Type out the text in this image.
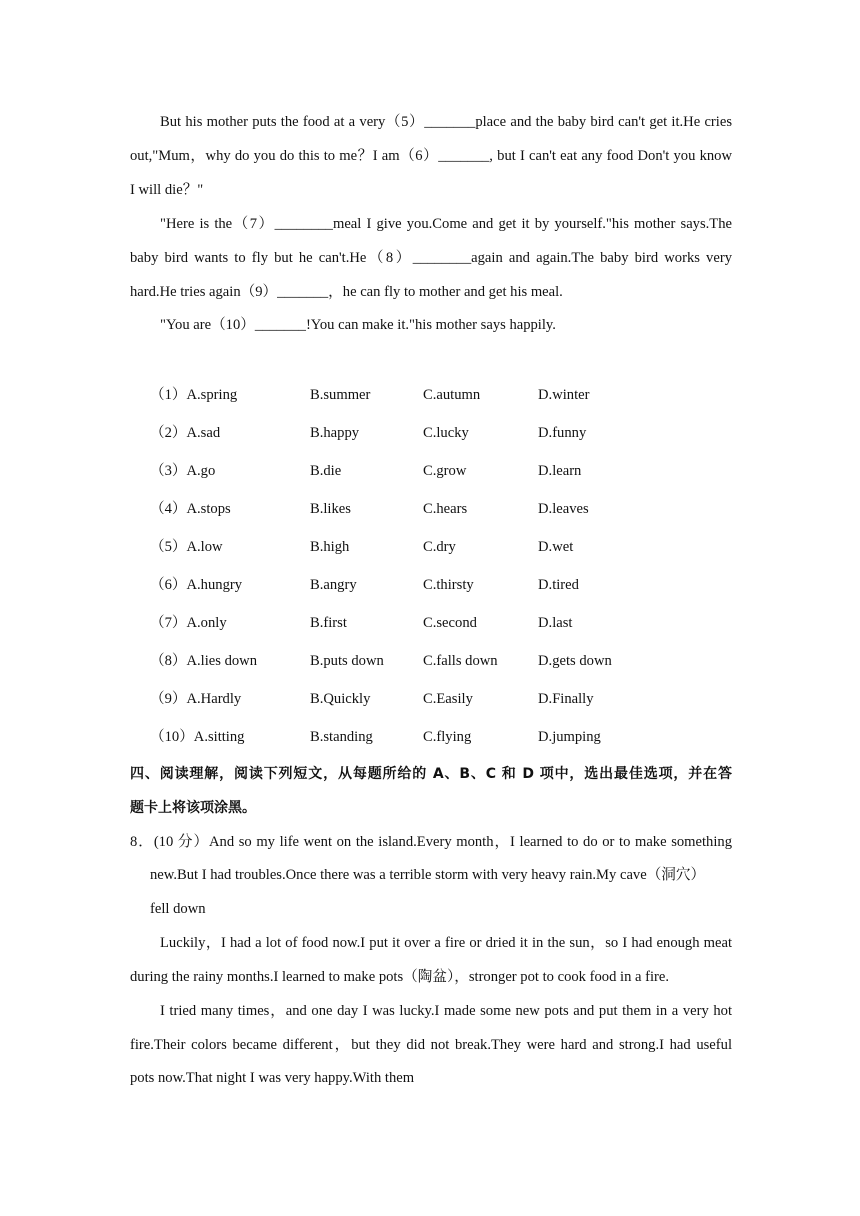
But his mother puts the food at a very（5）_______place and the baby bird can't get it.He cries
out,"Mum，why do you do this to me？I am（6）_______, but I can't eat any food Don't you know
I will die？"
"Here is the（7）________meal I give you.Come and get it by yourself."his mother says.The
baby bird wants to fly but he can't.He（8）________again and again.The baby bird works very
hard.He tries again（9）_______，he can fly to mother and get his meal.
"You are（10）_______!You can make it."his mother says happily.
（1）A.spring	B.summer	C.autumn	D.winter
（2）A.sad	B.happy	C.lucky	D.funny
（3）A.go	B.die	C.grow	D.learn
（4）A.stops	B.likes	C.hears	D.leaves
（5）A.low	B.high	C.dry	D.wet
（6）A.hungry	B.angry	C.thirsty	D.tired
（7）A.only	B.first	C.second	D.last
（8）A.lies down	B.puts down	C.falls down	D.gets down
（9）A.Hardly	B.Quickly	C.Easily	D.Finally
（10）A.sitting	B.standing	C.flying	D.jumping
四、阅读理解，阅读下列短文，从每题所给的 A、B、C 和 D 项中，选出最佳选项，并在答
题卡上将该项涂黑。
8．(10 分）And so my life went on the island.Every month，I learned to do or to make something
new.But I had troubles.Once there was a terrible storm with very heavy rain.My cave（洞穴）
fell down
Luckily，I had a lot of food now.I put it over a fire or dried it in the sun，so I had enough meat
during the rainy months.I learned to make pots（陶盆），stronger pot to cook food in a fire.
I tried many times，and one day I was lucky.I made some new pots and put them in a very hot
fire.Their colors became different，but they did not break.They were hard and strong.I had useful
pots now.That night I was very happy.With them
